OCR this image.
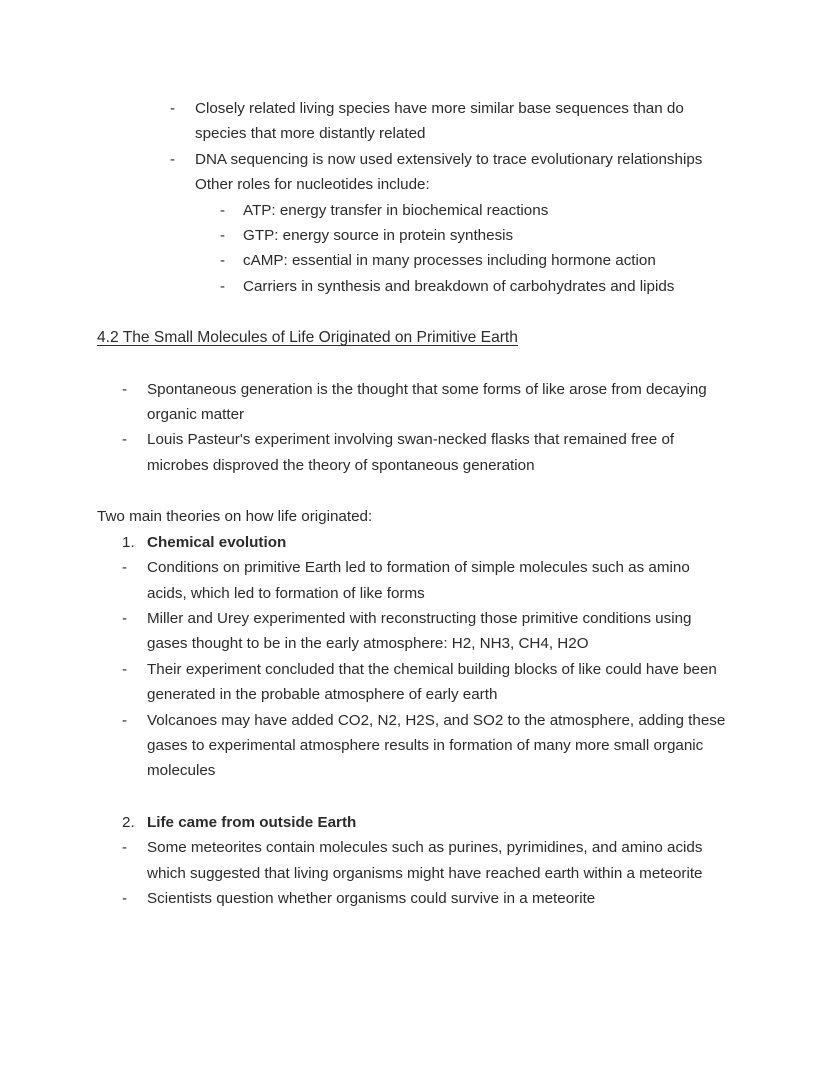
-	Closely related living species have more similar base sequences than do species that more distantly related
-	DNA sequencing is now used extensively to trace evolutionary relationships
Other roles for nucleotides include:
-	ATP: energy transfer in biochemical reactions
-	GTP: energy source in protein synthesis
-	cAMP: essential in many processes including hormone action
-	Carriers in synthesis and breakdown of carbohydrates and lipids
4.2 The Small Molecules of Life Originated on Primitive Earth
-	Spontaneous generation is the thought that some forms of like arose from decaying organic matter
-	Louis Pasteur's experiment involving swan-necked flasks that remained free of microbes disproved the theory of spontaneous generation
Two main theories on how life originated:
1. Chemical evolution
-	Conditions on primitive Earth led to formation of simple molecules such as amino acids, which led to formation of like forms
-	Miller and Urey experimented with reconstructing those primitive conditions using gases thought to be in the early atmosphere: H2, NH3, CH4, H2O
-	Their experiment concluded that the chemical building blocks of like could have been generated in the probable atmosphere of early earth
-	Volcanoes may have added CO2, N2, H2S, and SO2 to the atmosphere, adding these gases to experimental atmosphere results in formation of many more small organic molecules
2. Life came from outside Earth
-	Some meteorites contain molecules such as purines, pyrimidines, and amino acids which suggested that living organisms might have reached earth within a meteorite
-	Scientists question whether organisms could survive in a meteorite
